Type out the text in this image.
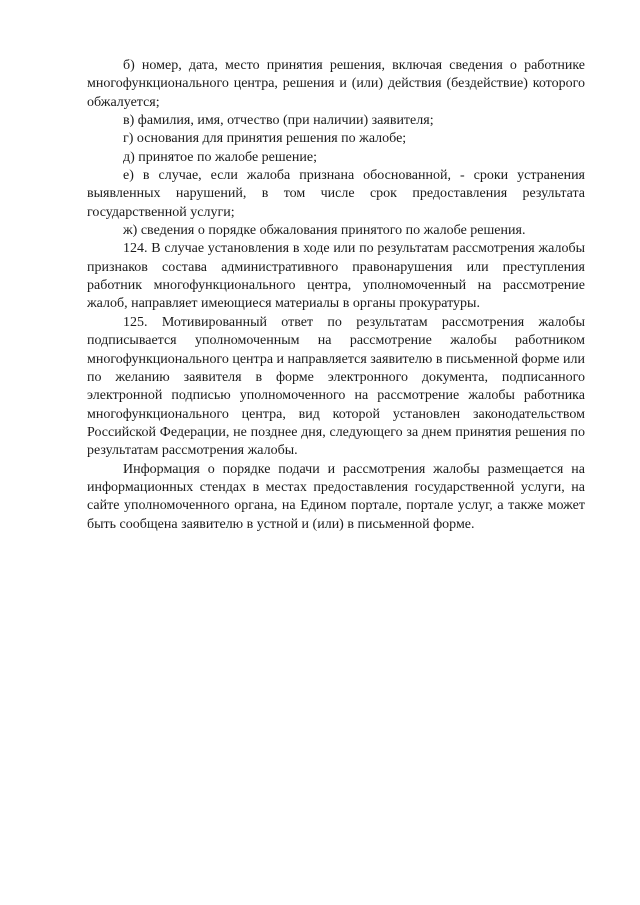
б) номер, дата, место принятия решения, включая сведения о работнике многофункционального центра, решения и (или) действия (бездействие) которого обжалуется;

в) фамилия, имя, отчество (при наличии) заявителя;

г) основания для принятия решения по жалобе;

д) принятое по жалобе решение;

е) в случае, если жалоба признана обоснованной, - сроки устранения выявленных нарушений, в том числе срок предоставления результата государственной услуги;

ж) сведения о порядке обжалования принятого по жалобе решения.

124. В случае установления в ходе или по результатам рассмотрения жалобы признаков состава административного правонарушения или преступления работник многофункционального центра, уполномоченный на рассмотрение жалоб, направляет имеющиеся материалы в органы прокуратуры.

125. Мотивированный ответ по результатам рассмотрения жалобы подписывается уполномоченным на рассмотрение жалобы работником многофункционального центра и направляется заявителю в письменной форме или по желанию заявителя в форме электронного документа, подписанного электронной подписью уполномоченного на рассмотрение жалобы работника многофункционального центра, вид которой установлен законодательством Российской Федерации, не позднее дня, следующего за днем принятия решения по результатам рассмотрения жалобы.

Информация о порядке подачи и рассмотрения жалобы размещается на информационных стендах в местах предоставления государственной услуги, на сайте уполномоченного органа, на Едином портале, портале услуг, а также может быть сообщена заявителю в устной и (или) в письменной форме.
